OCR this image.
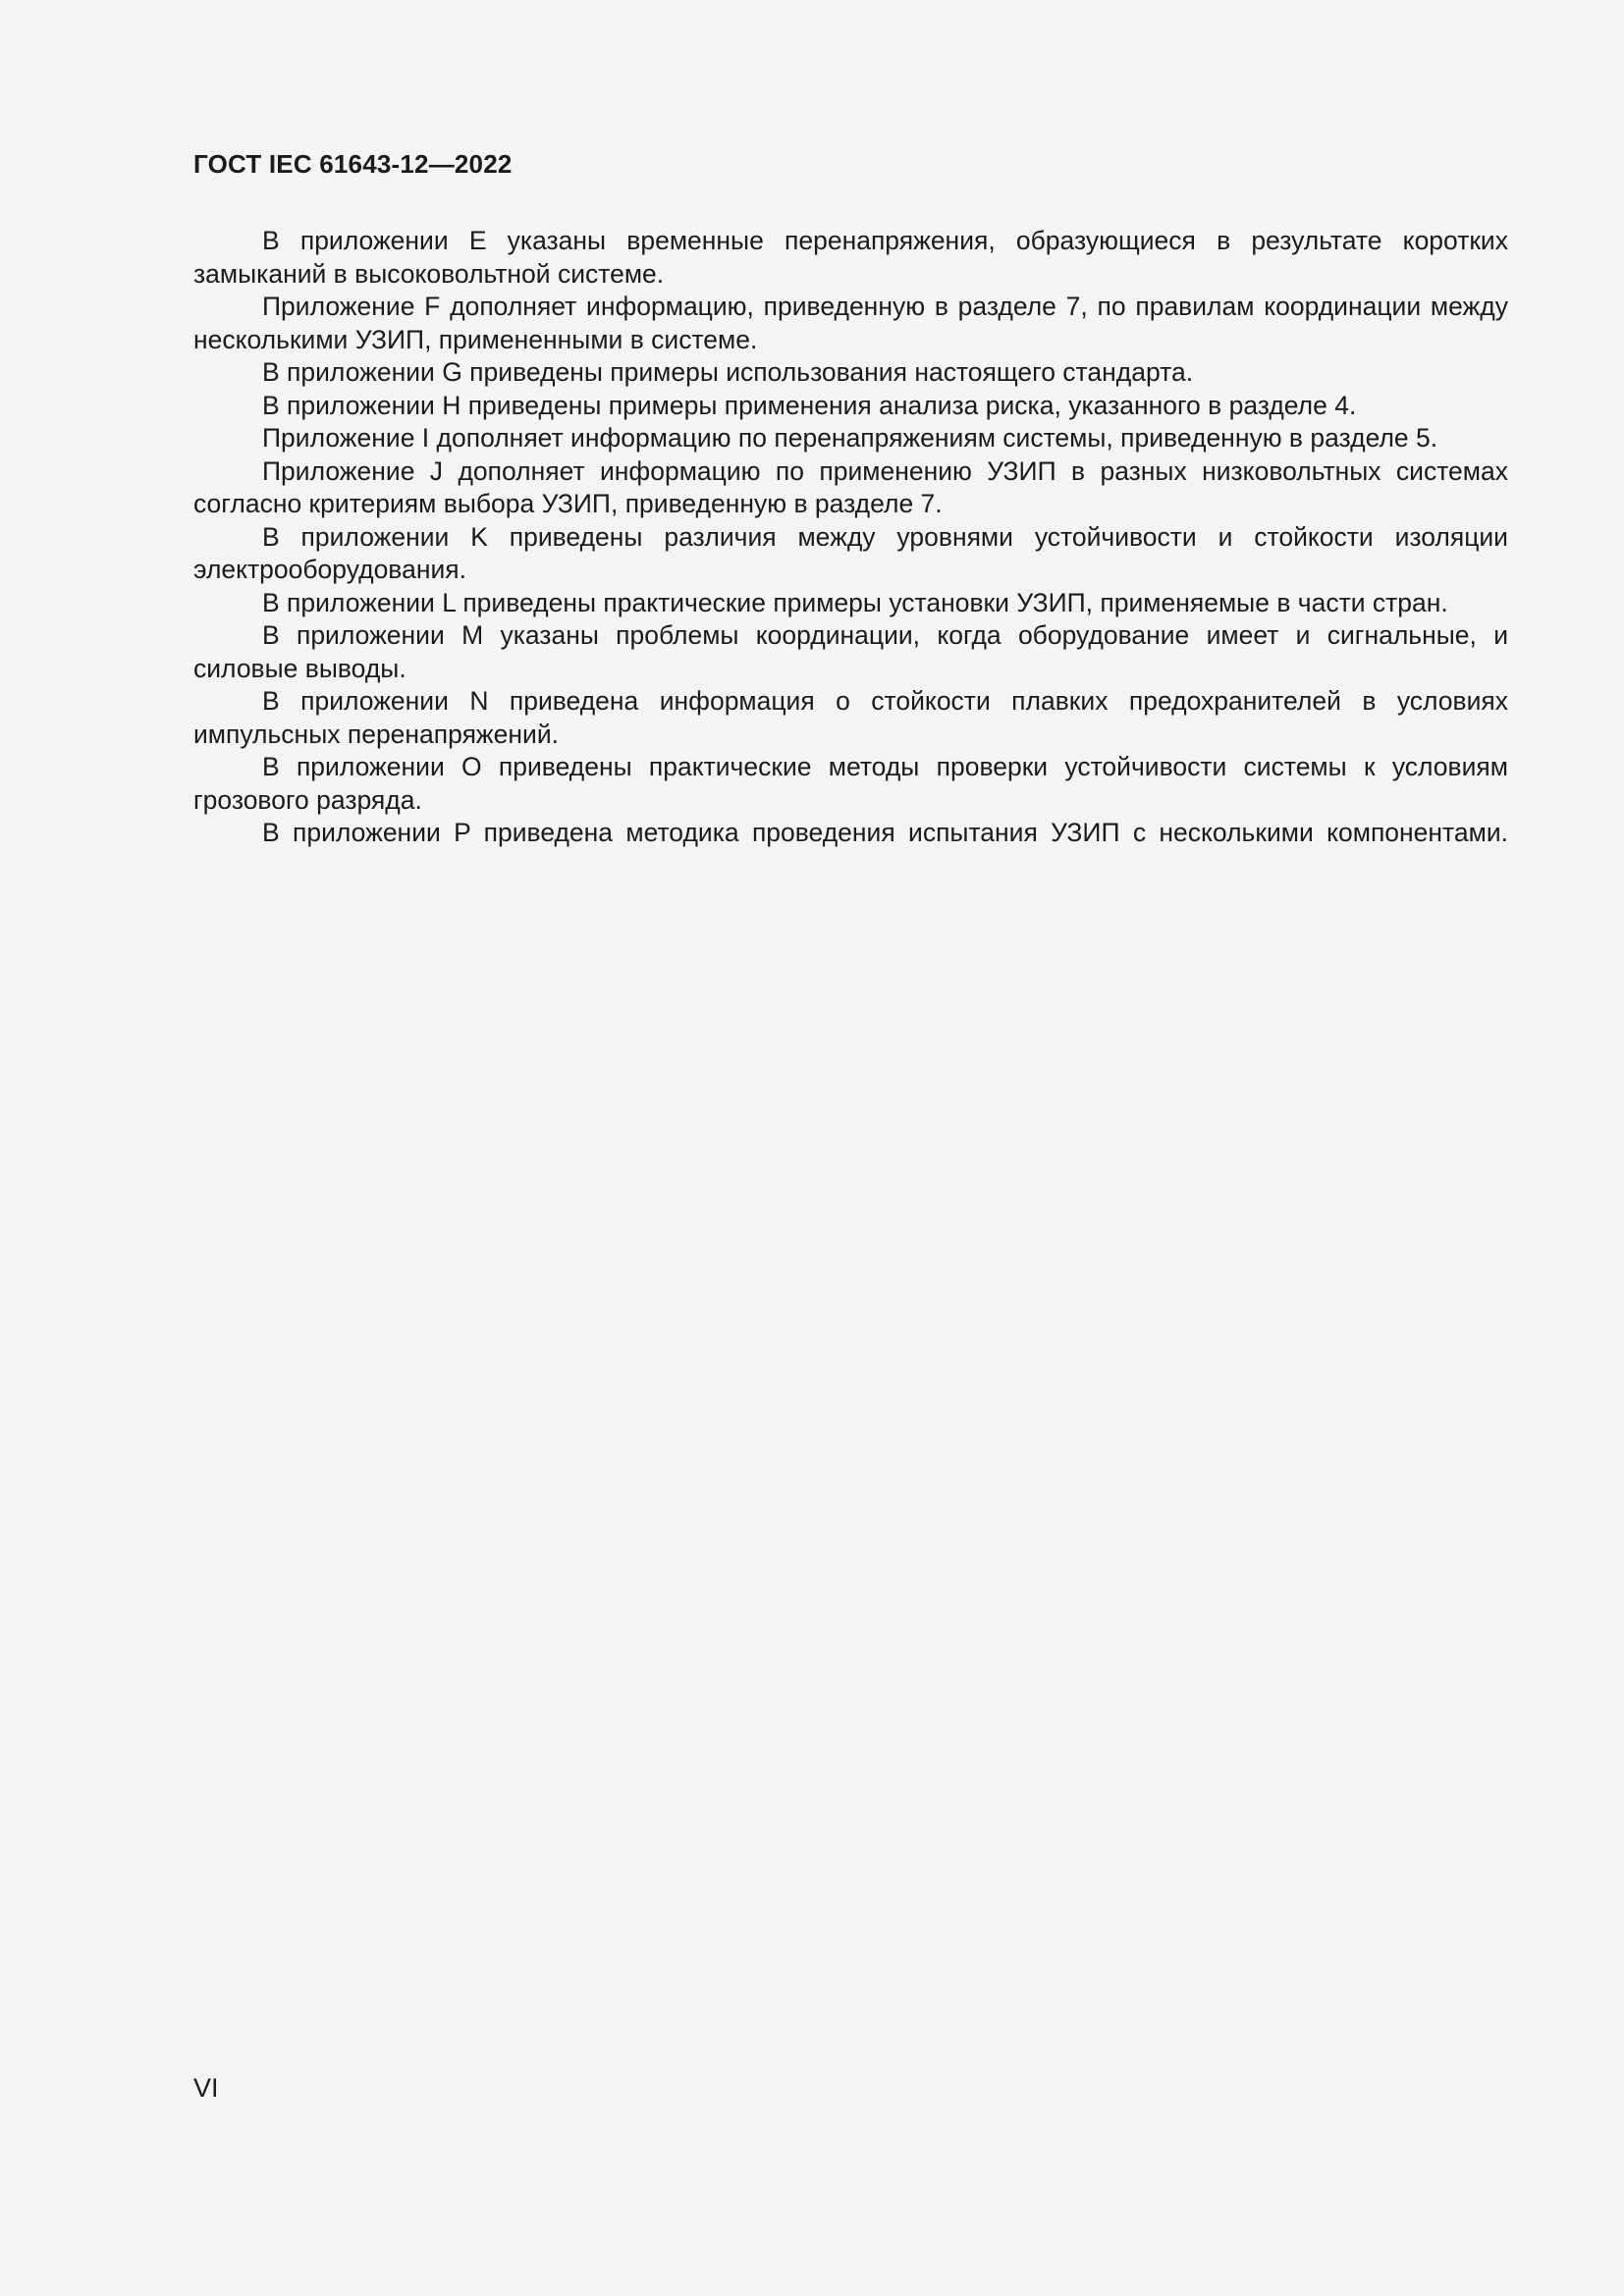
ГОСТ IEC 61643-12—2022

В приложении E указаны временные перенапряжения, образующиеся в результате коротких замыканий в высоковольтной системе.

Приложение F дополняет информацию, приведенную в разделе 7, по правилам координации между несколькими УЗИП, примененными в системе.

В приложении G приведены примеры использования настоящего стандарта.

В приложении H приведены примеры применения анализа риска, указанного в разделе 4.

Приложение I дополняет информацию по перенапряжениям системы, приведенную в разделе 5.

Приложение J дополняет информацию по применению УЗИП в разных низковольтных системах согласно критериям выбора УЗИП, приведенную в разделе 7.

В приложении K приведены различия между уровнями устойчивости и стойкости изоляции электрооборудования.

В приложении L приведены практические примеры установки УЗИП, применяемые в части стран.

В приложении M указаны проблемы координации, когда оборудование имеет и сигнальные, и силовые выводы.

В приложении N приведена информация о стойкости плавких предохранителей в условиях импульсных перенапряжений.

В приложении O приведены практические методы проверки устойчивости системы к условиям грозового разряда.

В приложении P приведена методика проведения испытания УЗИП с несколькими компонентами.

VI
